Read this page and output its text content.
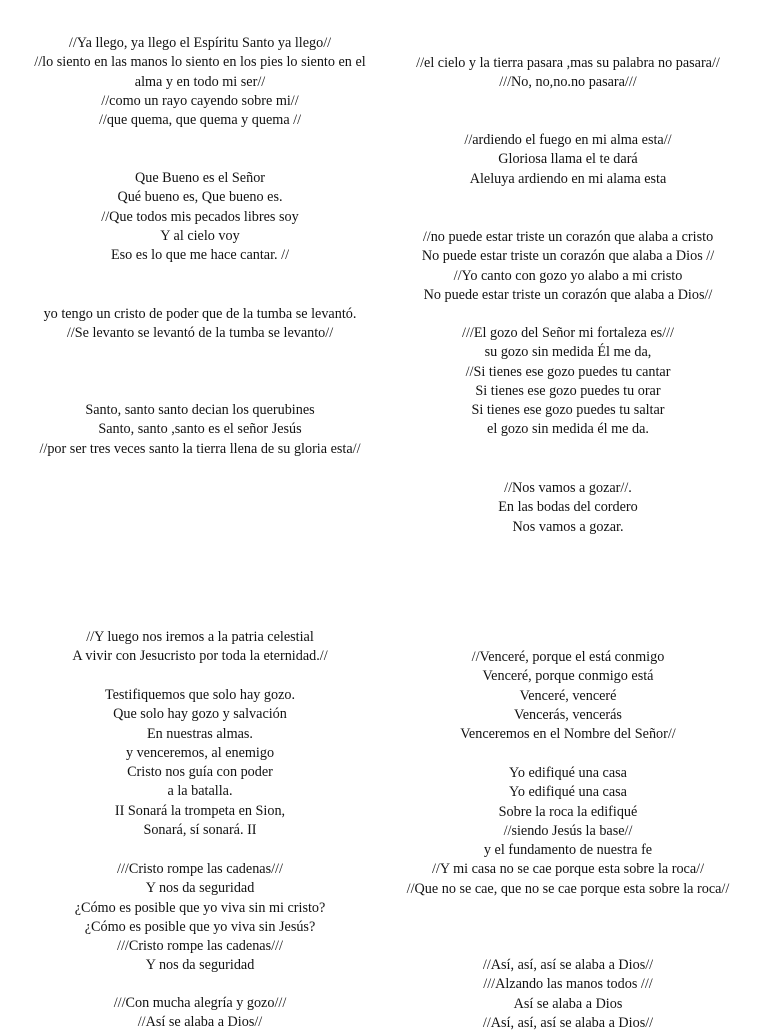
//Ya llego, ya llego el Espíritu Santo ya llego//

//lo siento en las manos lo siento en los pies lo siento en el alma y en todo mi ser//

//como un rayo cayendo sobre mi//

//que quema, que quema y quema //

Que Bueno es el Señor

Qué bueno es, Que bueno es.

//Que todos mis pecados libres soy

Y al cielo voy

Eso es lo que me hace cantar. //

yo tengo un cristo de poder que de la tumba se levantó.

//Se levanto se levantó de la tumba se levanto//

Santo, santo santo decian los querubines

Santo, santo ,santo es el señor Jesús

//por ser tres veces santo la tierra llena de su gloria esta//

//el cielo y la tierra pasara ,mas su palabra no pasara//

///No, no,no.no pasara///

//ardiendo el fuego en mi alma esta//

Gloriosa llama el te dará

Aleluya ardiendo en mi alama esta

//no puede estar triste un corazón que alaba a cristo

No puede estar triste un corazón que alaba a Dios //

//Yo canto con gozo yo alabo a mi cristo

No puede estar triste un corazón que alaba a Dios//

///El gozo del Señor mi fortaleza es///

su gozo sin medida Él me da,

//Si tienes ese gozo puedes tu cantar

Si tienes ese gozo puedes tu orar

Si tienes ese gozo puedes tu saltar

el gozo sin medida él me da.

//Nos vamos a gozar//.

En las bodas del cordero

Nos vamos a gozar.

//Y luego nos iremos a la patria celestial

A vivir con Jesucristo por toda la eternidad.//

Testifiquemos que solo hay gozo.

Que solo hay gozo y salvación

En nuestras almas.

y venceremos, al enemigo

Cristo nos guía con poder

a la batalla.

II Sonará la trompeta en Sion,

Sonará, sí sonará. II

///Cristo rompe las cadenas///

Y nos da seguridad

¿Cómo es posible que yo viva sin mi cristo?

¿Cómo es posible que yo viva sin Jesús?

///Cristo rompe las cadenas///

Y nos da seguridad

///Con mucha alegría y gozo///

//Así se alaba a Dios//

//Venceré, porque el está conmigo

Venceré, porque conmigo está

Venceré, venceré

Vencerás, vencerás

Venceremos en el Nombre del Señor//

Yo edifiqué una casa

Yo edifiqué una casa

Sobre la roca la edifiqué

//siendo Jesús la base//

y el fundamento de nuestra fe

//Y mi casa no se cae porque esta sobre la roca//

//Que no se cae, que no se cae porque esta sobre la roca//

//Así, así, así se alaba a Dios//

///Alzando las manos todos ///

Así se alaba a Dios

//Así, así, así se alaba a Dios//
